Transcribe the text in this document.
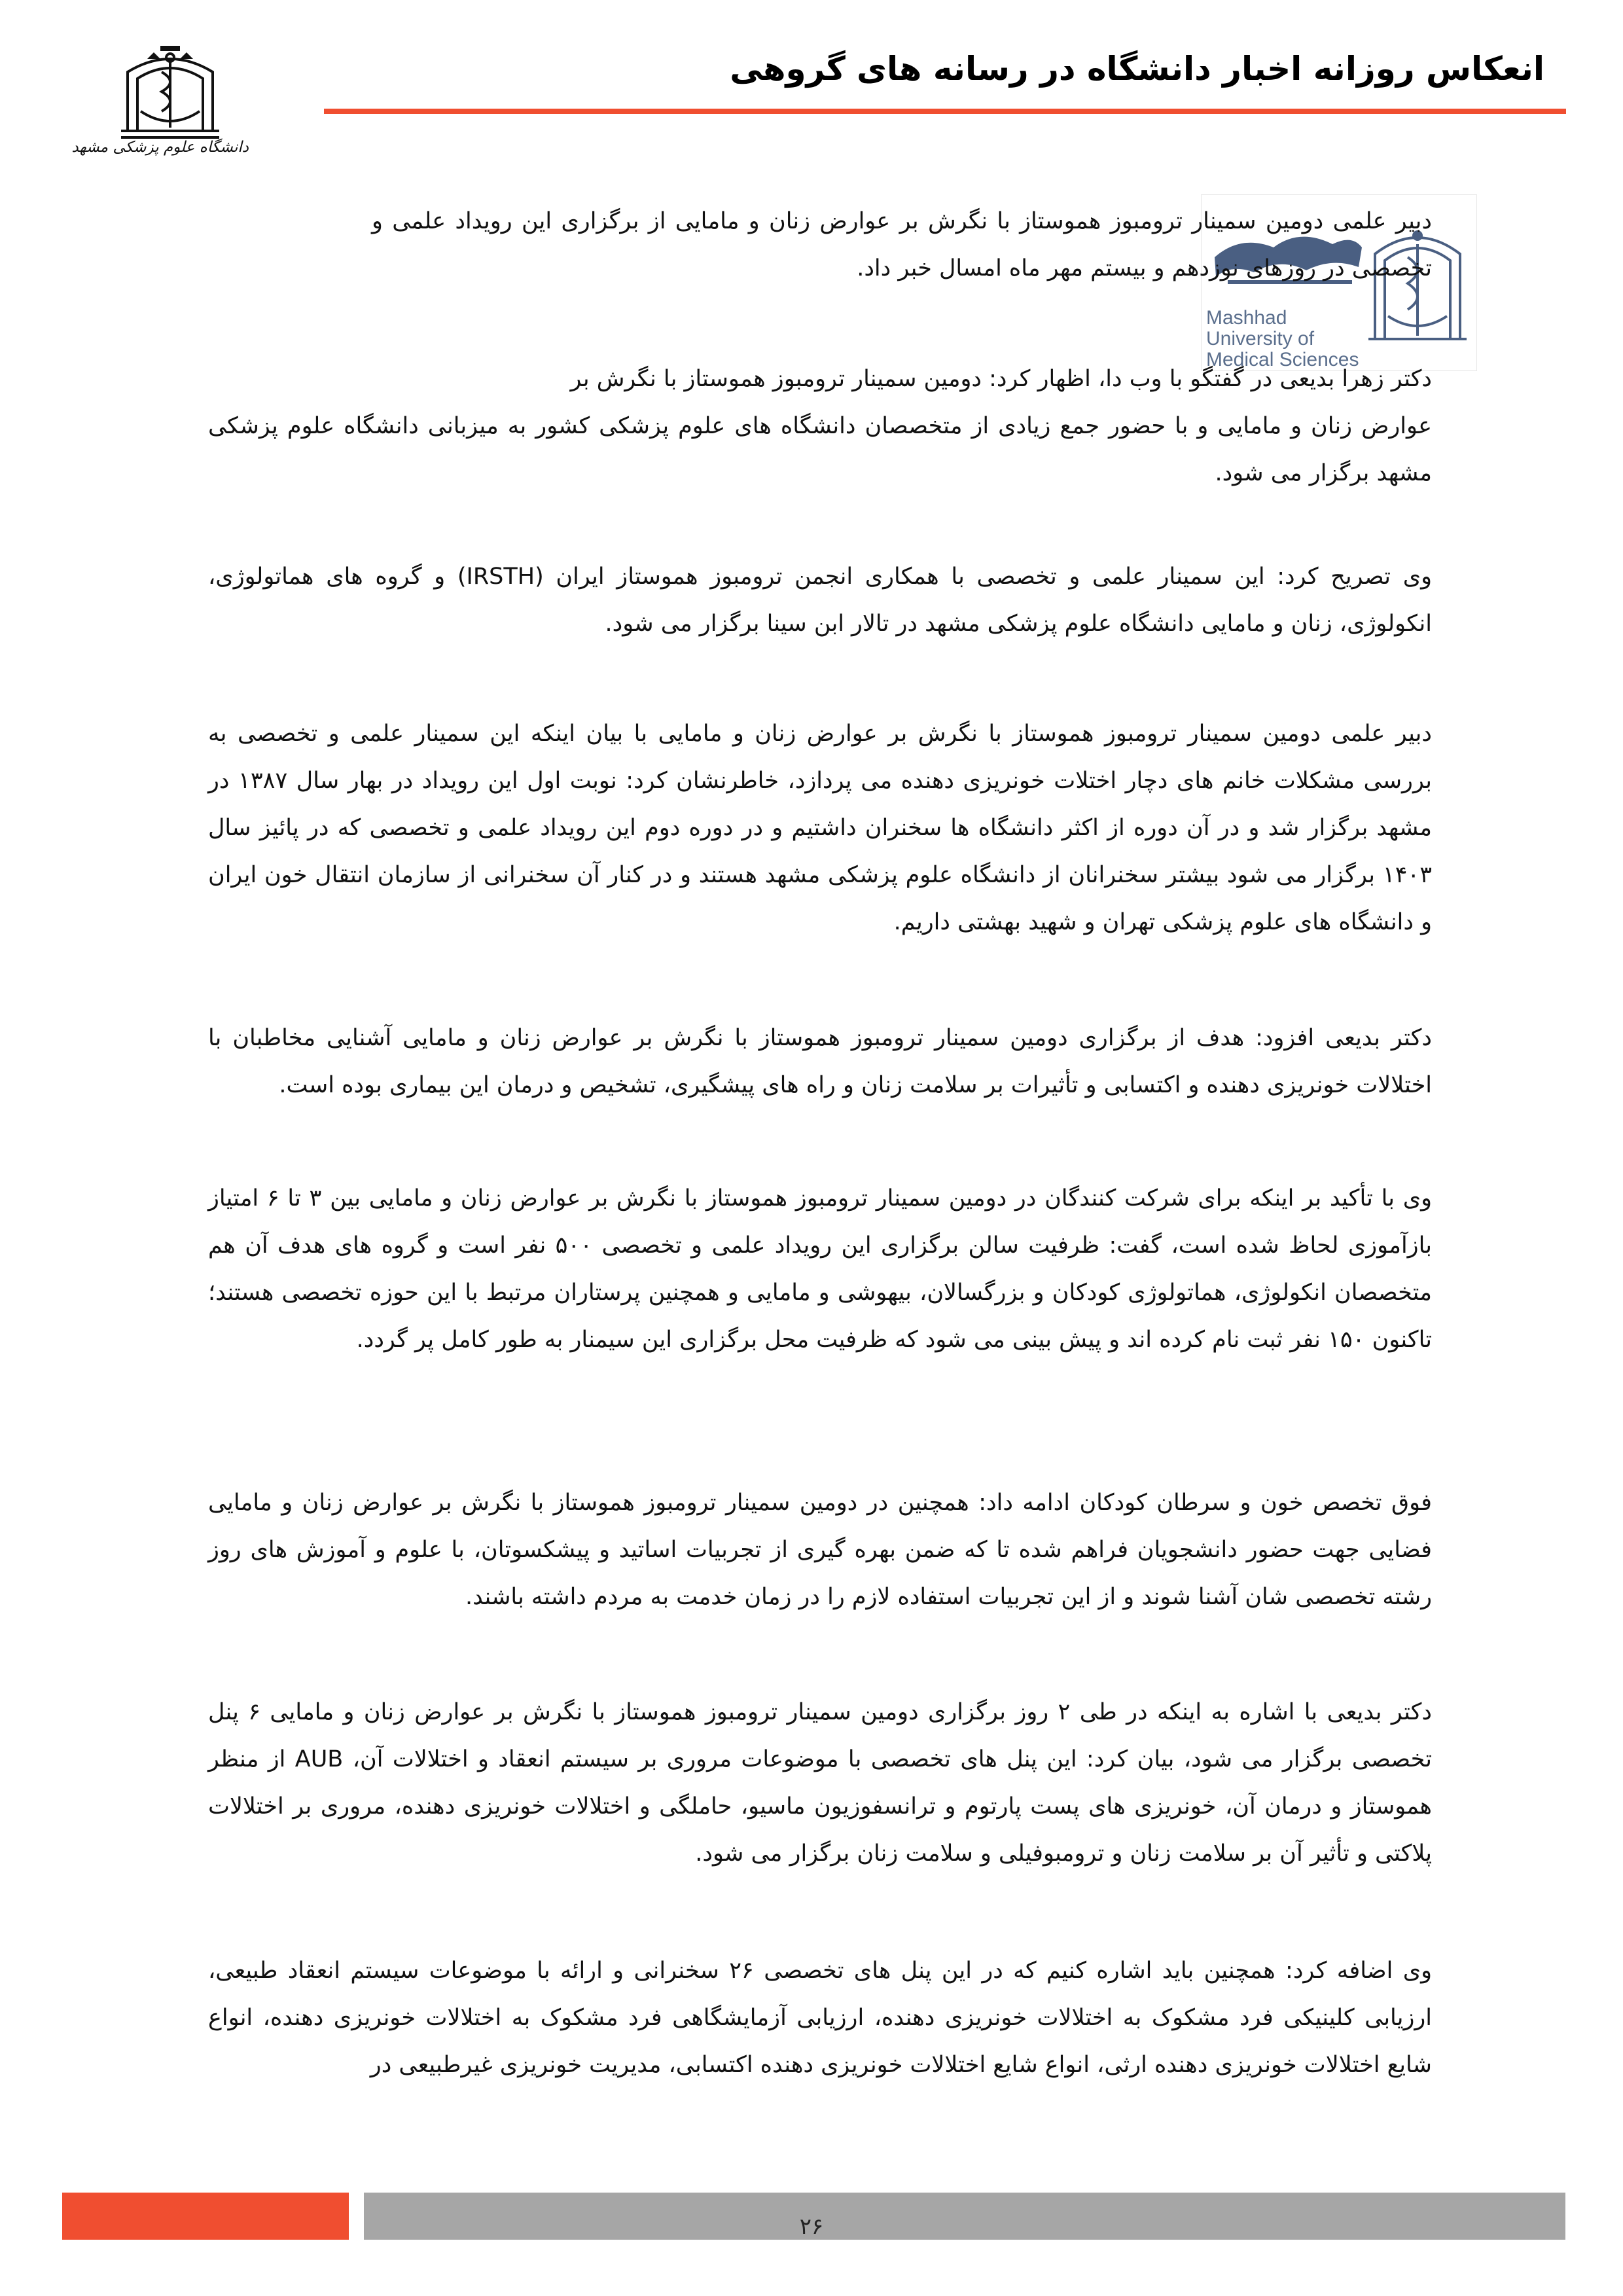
انعکاس روزانه اخبار دانشگاه در رسانه های گروهی
دانشگاه علوم پزشکی مشهد
Mashhad University of
Medical Sciences
دبیر علمی دومین سمینار ترومبوز هموستاز با نگرش بر عوارض زنان و مامایی از برگزاری این رویداد علمی و تخصصی در روزهای نوزدهم و بیستم مهر ماه امسال خبر داد.
دکتر زهرا بدیعی در گفتگو با وب دا، اظهار کرد: دومین سمینار ترومبوز هموستاز با نگرش بر
عوارض زنان و مامایی و با حضور جمع زیادی از متخصصان دانشگاه های علوم پزشکی کشور به میزبانی دانشگاه علوم پزشکی مشهد برگزار می شود.
وی تصریح کرد: این سمینار علمی و تخصصی با همکاری انجمن ترومبوز هموستاز ایران (IRSTH) و گروه های هماتولوژی، انکولوژی، زنان و مامایی دانشگاه علوم پزشکی مشهد در تالار ابن سینا برگزار می شود.
دبیر علمی دومین سمینار ترومبوز هموستاز با نگرش بر عوارض زنان و مامایی با بیان اینکه این سمینار علمی و تخصصی به بررسی مشکلات خانم های دچار اختلات خونریزی دهنده می پردازد، خاطرنشان کرد: نوبت اول این رویداد در بهار سال ۱۳۸۷ در مشهد برگزار شد و در آن دوره از اکثر دانشگاه ها سخنران داشتیم و در دوره دوم این رویداد علمی و تخصصی که در پائیز سال ۱۴۰۳ برگزار می شود بیشتر سخنرانان از دانشگاه علوم پزشکی مشهد هستند و در کنار آن سخنرانی از سازمان انتقال خون ایران و دانشگاه های علوم پزشکی تهران و شهید بهشتی داریم.
دکتر بدیعی افزود: هدف از برگزاری دومین سمینار ترومبوز هموستاز با نگرش بر عوارض زنان و مامایی آشنایی مخاطبان با اختلالات خونریزی دهنده و اکتسابی و تأثیرات بر سلامت زنان و راه های پیشگیری، تشخیص و درمان این بیماری بوده است.
وی با تأکید بر اینکه برای شرکت کنندگان در دومین سمینار ترومبوز هموستاز با نگرش بر عوارض زنان و مامایی بین ۳ تا ۶ امتیاز بازآموزی لحاظ شده است، گفت: ظرفیت سالن برگزاری این رویداد علمی و تخصصی ۵۰۰ نفر است و گروه های هدف آن هم متخصصان انکولوژی، هماتولوژی کودکان و بزرگسالان، بیهوشی و مامایی و همچنین پرستاران مرتبط با این حوزه تخصصی هستند؛ تاکنون ۱۵۰ نفر ثبت نام کرده اند و پیش بینی می شود که ظرفیت محل برگزاری این سیمنار به طور کامل پر گردد.
فوق تخصص خون و سرطان کودکان ادامه داد: همچنین در دومین سمینار ترومبوز هموستاز با نگرش بر عوارض زنان و مامایی فضایی جهت حضور دانشجویان فراهم شده تا که ضمن بهره گیری از تجربیات اساتید و پیشکسوتان، با علوم و آموزش های روز رشته تخصصی شان آشنا شوند و از این تجربیات استفاده لازم را در زمان خدمت به مردم داشته باشند.
دکتر بدیعی با اشاره به اینکه در طی ۲ روز برگزاری دومین سمینار ترومبوز هموستاز با نگرش بر عوارض زنان و مامایی ۶ پنل تخصصی برگزار می شود، بیان کرد: این پنل های تخصصی با موضوعات مروری بر سیستم انعقاد و اختلالات آن، AUB از منظر هموستاز و درمان آن، خونریزی های پست پارتوم و ترانسفوزیون ماسیو، حاملگی و اختلالات خونریزی دهنده، مروری بر اختلالات پلاکتی و تأثیر آن بر سلامت زنان و ترومبوفیلی و سلامت زنان برگزار می شود.
وی اضافه کرد: همچنین باید اشاره کنیم که در این پنل های تخصصی ۲۶ سخنرانی و ارائه با موضوعات سیستم انعقاد طبیعی، ارزیابی کلینیکی فرد مشکوک به اختلالات خونریزی دهنده، ارزیابی آزمایشگاهی فرد مشکوک به اختلالات خونریزی دهنده، انواع شایع اختلالات خونریزی دهنده ارثی، انواع شایع اختلالات خونریزی دهنده اکتسابی، مدیریت خونریزی غیرطبیعی در
۲۶
